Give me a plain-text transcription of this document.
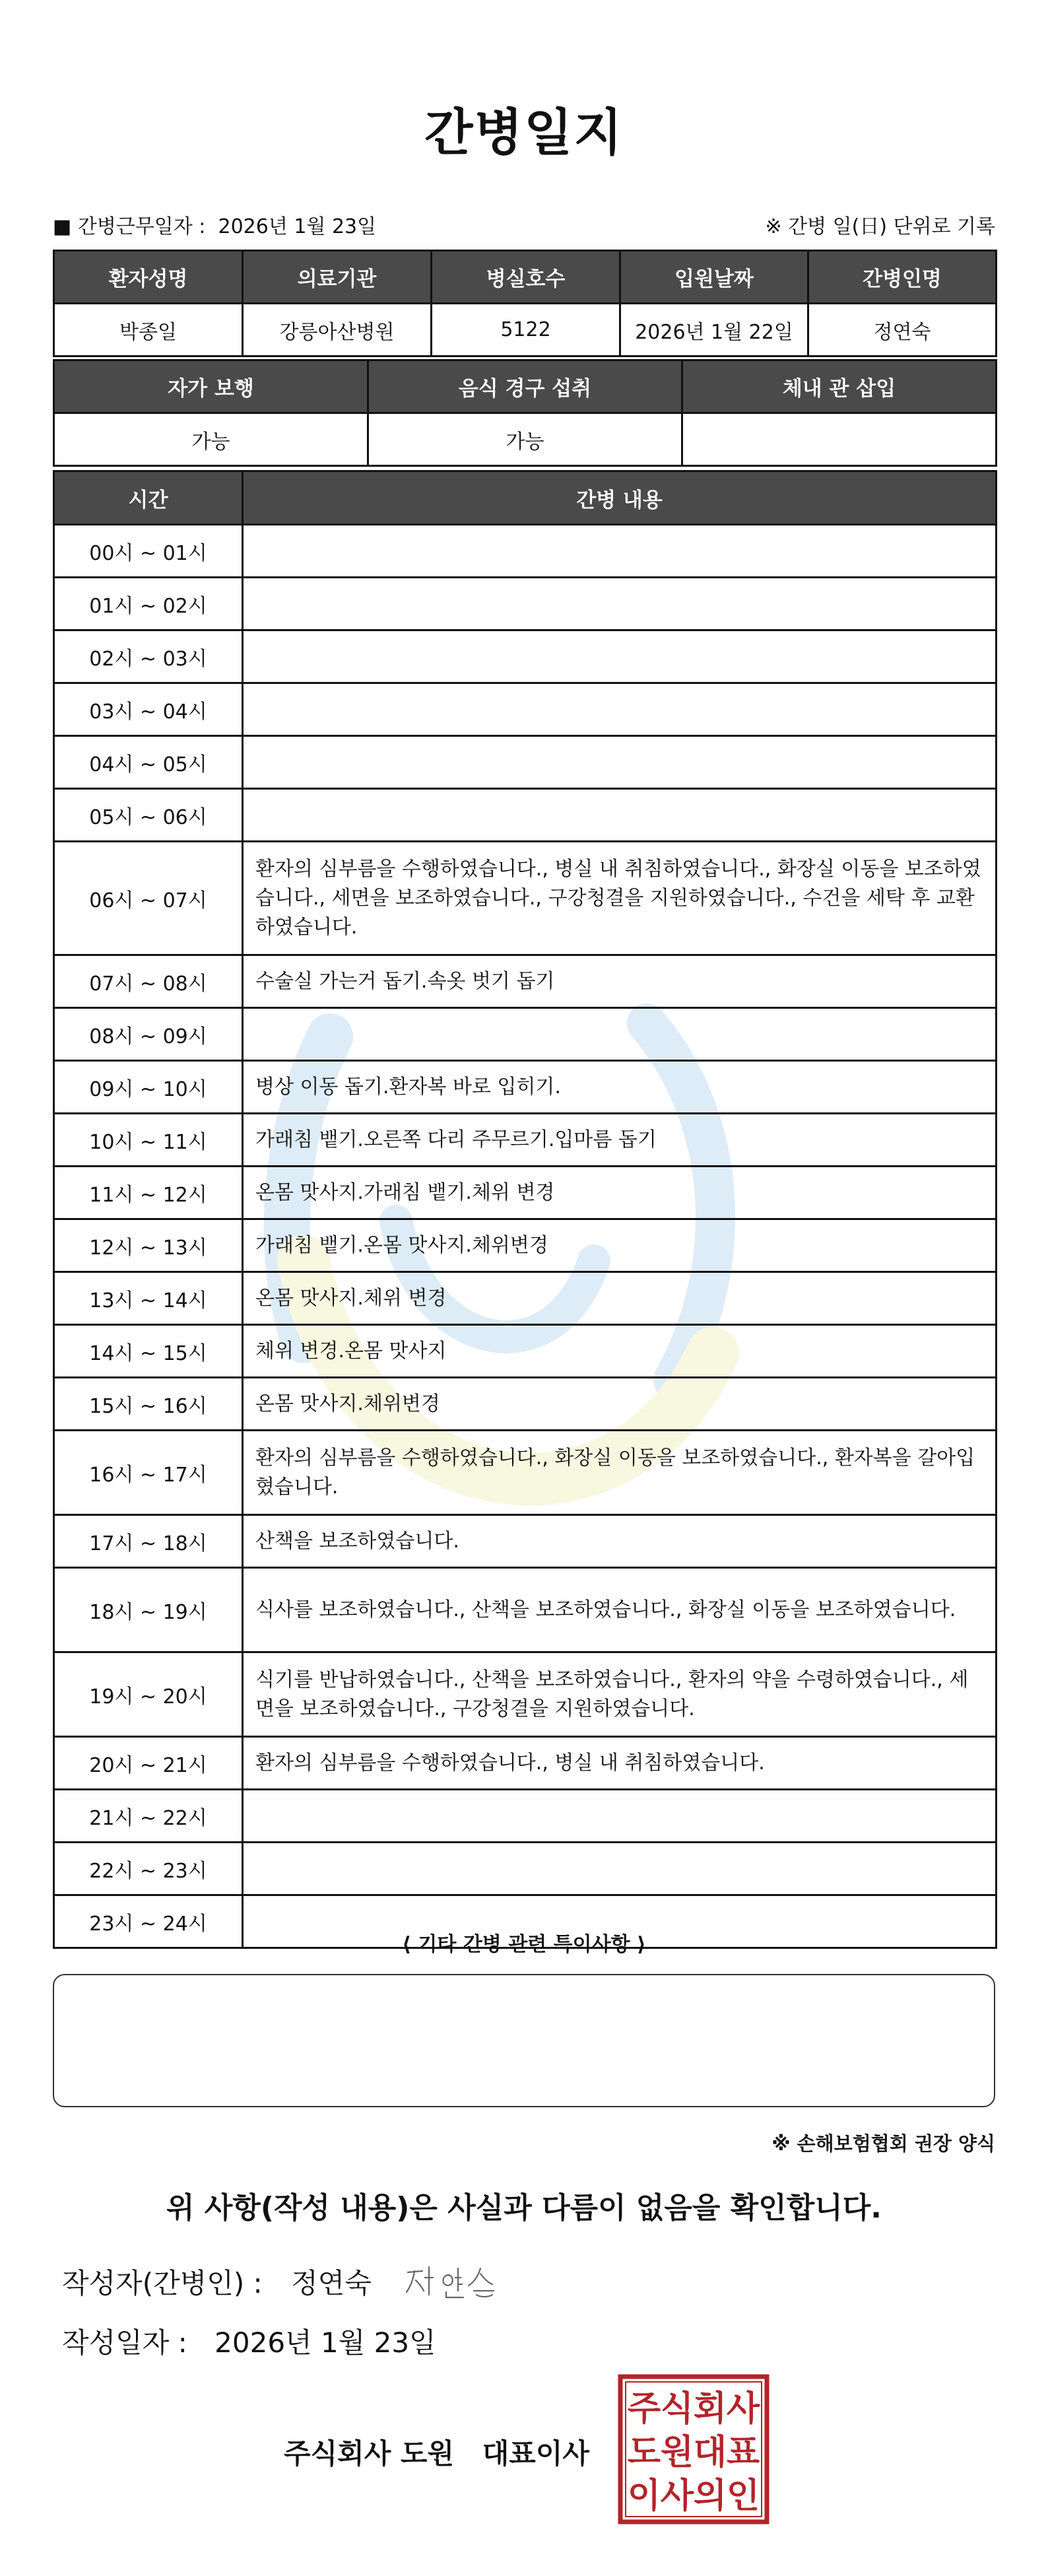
간병일지
■ 간병근무일자 : 2026년 1월 23일	※ 간병 일(日) 단위로 기록
환자성명	의료기관	병실호수	입원날짜	간병인명
박종일	강릉아산병원	5122	2026년 1월 22일	정연숙
자가 보행	음식 경구 섭취	체내 관 삽입
가능	가능	
시간	간병 내용
00시 ~ 01시	
01시 ~ 02시	
02시 ~ 03시	
03시 ~ 04시	
04시 ~ 05시	
05시 ~ 06시	
06시 ~ 07시	환자의 심부름을 수행하였습니다., 병실 내 취침하였습니다., 화장실 이동을 보조하였습니다., 세면을 보조하였습니다., 구강청결을 지원하였습니다., 수건을 세탁 후 교환하였습니다.
07시 ~ 08시	수술실 가는거 돕기.속옷 벗기 돕기
08시 ~ 09시	
09시 ~ 10시	병상 이동 돕기.환자복 바로 입히기.
10시 ~ 11시	가래침 뱉기.오른쪽 다리 주무르기.입마름 돕기
11시 ~ 12시	온몸 맛사지.가래침 뱉기.체위 변경
12시 ~ 13시	가래침 뱉기.온몸 맛사지.체위변경
13시 ~ 14시	온몸 맛사지.체위 변경
14시 ~ 15시	체위 변경.온몸 맛사지
15시 ~ 16시	온몸 맛사지.체위변경
16시 ~ 17시	환자의 심부름을 수행하였습니다., 화장실 이동을 보조하였습니다., 환자복을 갈아입혔습니다.
17시 ~ 18시	산책을 보조하였습니다.
18시 ~ 19시	식사를 보조하였습니다., 산책을 보조하였습니다., 화장실 이동을 보조하였습니다.
19시 ~ 20시	식기를 반납하였습니다., 산책을 보조하였습니다., 환자의 약을 수령하였습니다., 세면을 보조하였습니다., 구강청결을 지원하였습니다.
20시 ~ 21시	환자의 심부름을 수행하였습니다., 병실 내 취침하였습니다.
21시 ~ 22시	
22시 ~ 23시	
23시 ~ 24시	
⟨ 기타 간병 관련 특이사항 ⟩
※ 손해보험협회 권장 양식
위 사항(작성 내용)은 사실과 다름이 없음을 확인합니다.
작성자(간병인) : 정연숙
작성일자 : 2026년 1월 23일
주식회사 도원 대표이사
주 식 회 사
도 원 대 표
이 사 의 인
